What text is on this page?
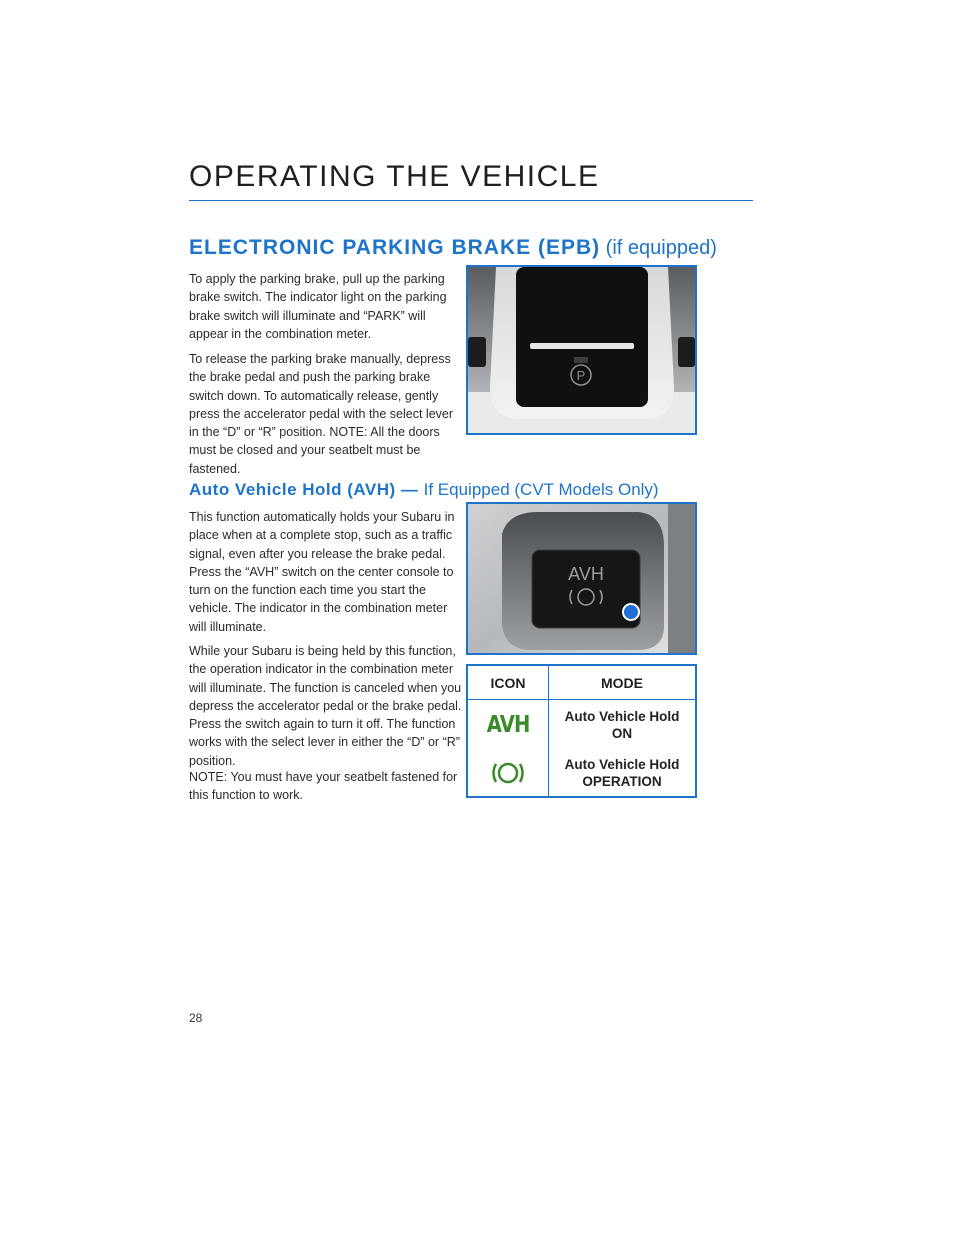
OPERATING THE VEHICLE
ELECTRONIC PARKING BRAKE (EPB) (if equipped)

To apply the parking brake, pull up the parking brake switch. The indicator light on the parking brake switch will illuminate and “PARK” will appear in the combination meter.

To release the parking brake manually, depress the brake pedal and push the parking brake switch down. To automatically release, gently press the accelerator pedal with the select lever in the “D” or “R” position. NOTE: All the doors must be closed and your seatbelt must be fastened.

P
Auto Vehicle Hold (AVH) — If Equipped (CVT Models Only)

This function automatically holds your Subaru in place when at a complete stop, such as a traffic signal, even after you release the brake pedal. Press the “AVH” switch on the center console to turn on the function each time you start the vehicle. The indicator in the combination meter will illuminate.

While your Subaru is being held by this function, the operation indicator in the combination meter will illuminate. The function is canceled when you depress the accelerator pedal or the brake pedal. Press the switch again to turn it off. The function works with the select lever in either the “D” or “R” position.

NOTE: You must have your seatbelt fastened for this function to work.

AVH
ICON	MODE
AVH	Auto Vehicle Hold
ON
Auto Vehicle Hold
OPERATION
28
